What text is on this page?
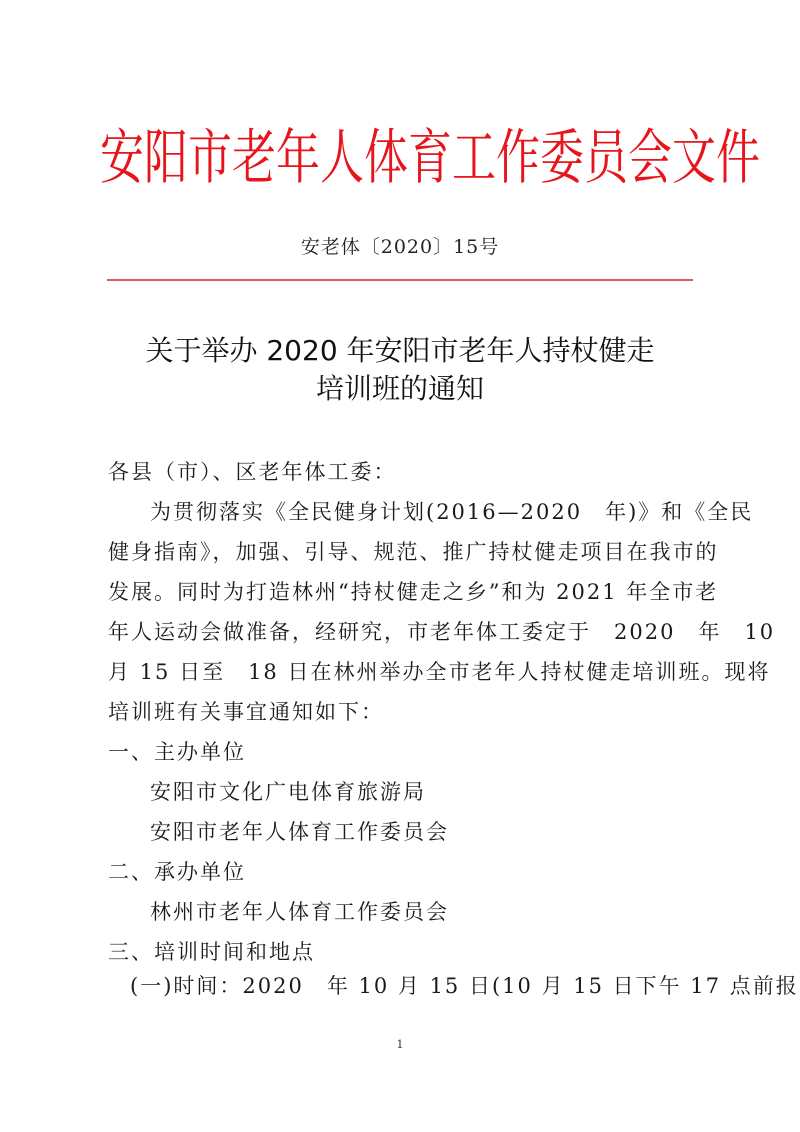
安阳市老年人体育工作委员会文件
安老体〔2020〕15号
关于举办 2020 年安阳市老年人持杖健走
培训班的通知
各县（市）、区老年体工委：
为贯彻落实《全民健身计划(2016—2020　年)》和《全民
健身指南》，加强、引导、规范、推广持杖健走项目在我市的
发展。同时为打造林州“持杖健走之乡”和为 2021 年全市老
年人运动会做准备，经研究，市老年体工委定于　2020　年　10
月 15 日至　18 日在林州举办全市老年人持杖健走培训班。现将
培训班有关事宜通知如下：
一、主办单位
安阳市文化广电体育旅游局
安阳市老年人体育工作委员会
二、承办单位
林州市老年人体育工作委员会
三、培训时间和地点
(一)时间：2020　年 10 月 15 日(10 月 15 日下午 17 点前报
1
